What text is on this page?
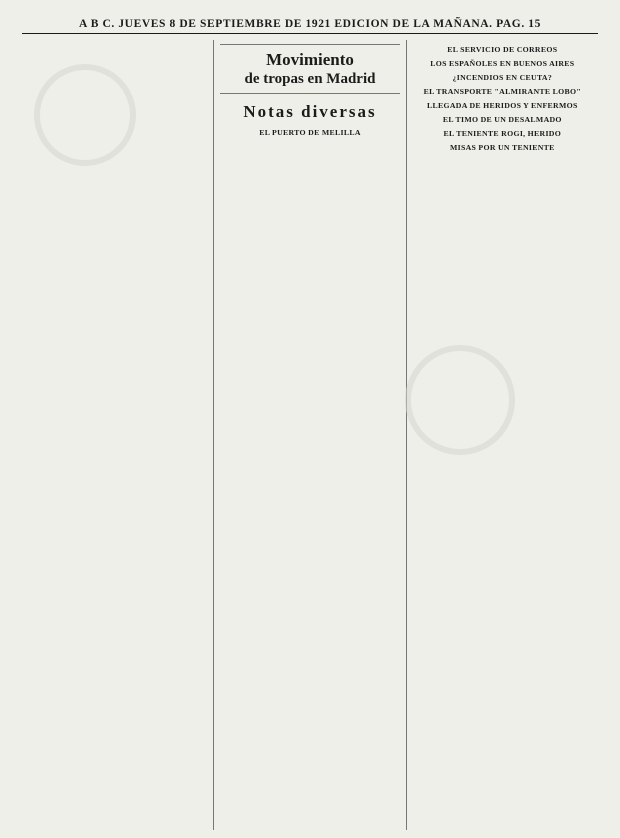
A B C. JUEVES 8 DE SEPTIEMBRE DE 1921 EDICION DE LA MAÑANA. PAG. 15

Movimiento
de tropas en Madrid

Notas diversas

EL PUERTO DE MELILLA

EL SERVICIO DE CORREOS

LOS ESPAÑOLES EN BUENOS AIRES

¿INCENDIOS EN CEUTA?

EL TRANSPORTE "ALMIRANTE LOBO"

LLEGADA DE HERIDOS Y ENFERMOS

EL TIMO DE UN DESALMADO

EL TENIENTE ROGI, HERIDO

MISAS POR UN TENIENTE
